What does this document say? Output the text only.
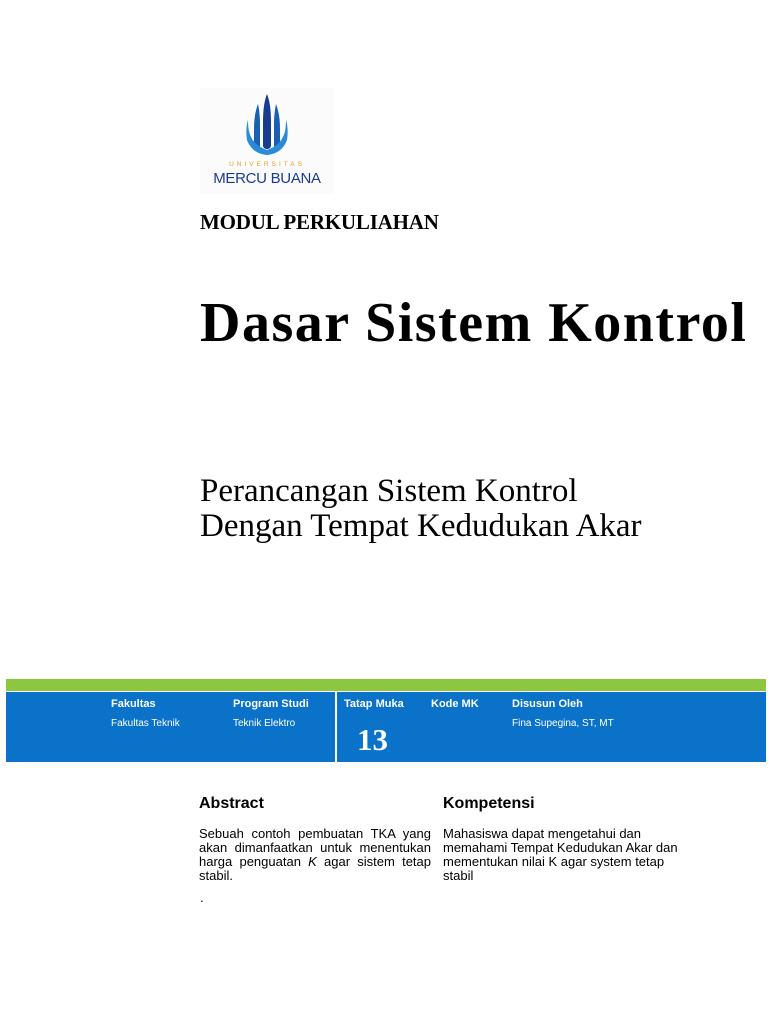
UNIVERSITAS
MERCU BUANA
MODUL PERKULIAHAN
Dasar Sistem Kontrol
Perancangan Sistem Kontrol Dengan Tempat Kedudukan Akar
Fakultas
Fakultas Teknik
Program Studi
Teknik Elektro
Tatap Muka
13
Kode MK	Disusun Oleh
Fina Supegina, ST, MT
Abstract
Sebuah contoh pembuatan TKA yang akan dimanfaatkan untuk menentukan harga penguatan K agar sistem tetap stabil.
.
Kompetensi
Mahasiswa dapat mengetahui dan memahami Tempat Kedudukan Akar dan mementukan nilai K agar system tetap stabil
